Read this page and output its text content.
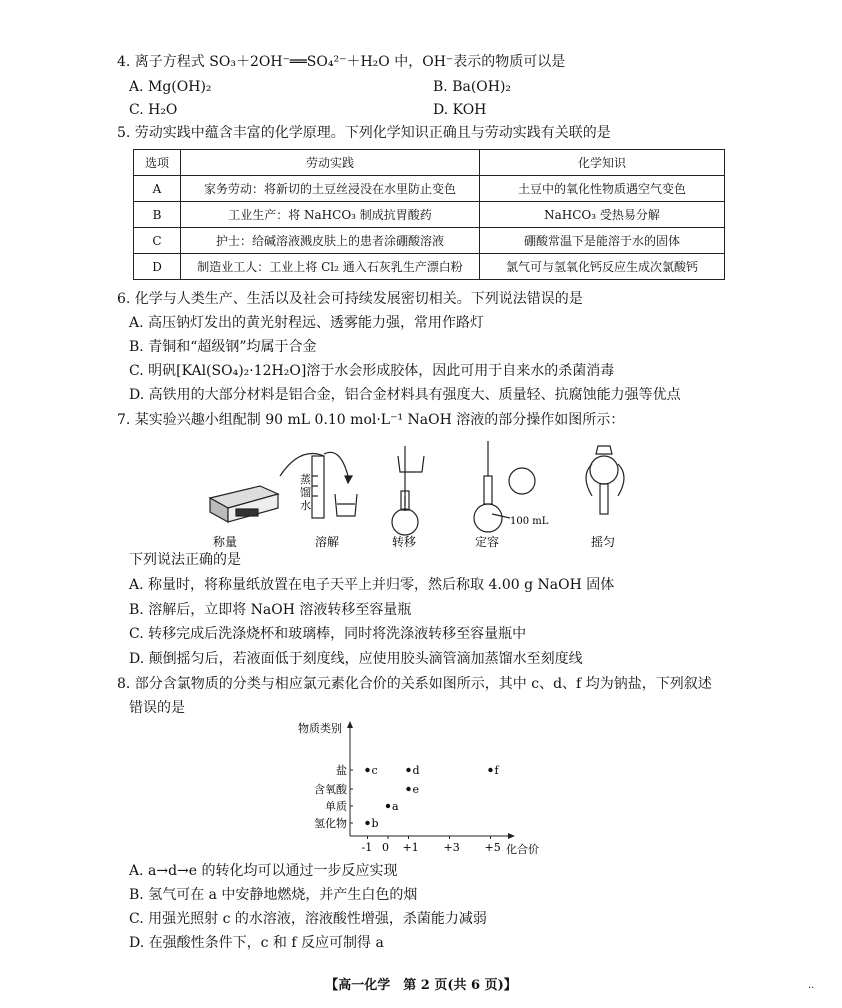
4. 离子方程式 SO₃＋2OH⁻══SO₄²⁻＋H₂O 中，OH⁻表示的物质可以是
A. Mg(OH)₂	B. Ba(OH)₂
C. H₂O	D. KOH
5. 劳动实践中蕴含丰富的化学原理。下列化学知识正确且与劳动实践有关联的是
选项	劳动实践	化学知识
A	家务劳动：将新切的土豆丝浸没在水里防止变色	土豆中的氧化性物质遇空气变色
B	工业生产：将 NaHCO₃ 制成抗胃酸药	NaHCO₃ 受热易分解
C	护士：给碱溶液溅皮肤上的患者涂硼酸溶液	硼酸常温下是能溶于水的固体
D	制造业工人：工业上将 Cl₂ 通入石灰乳生产漂白粉	氯气可与氢氧化钙反应生成次氯酸钙
6. 化学与人类生产、生活以及社会可持续发展密切相关。下列说法错误的是
A. 高压钠灯发出的黄光射程远、透雾能力强，常用作路灯
B. 青铜和“超级钢”均属于合金
C. 明矾[KAl(SO₄)₂·12H₂O]溶于水会形成胶体，因此可用于自来水的杀菌消毒
D. 高铁用的大部分材料是铝合金，铝合金材料具有强度大、质量轻、抗腐蚀能力强等优点
7. 某实验兴趣小组配制 90 mL 0.10 mol·L⁻¹ NaOH 溶液的部分操作如图所示：
蒸
馏
水
100 mL
称量	溶解	转移	定容	摇匀
下列说法正确的是
A. 称量时，将称量纸放置在电子天平上并归零，然后称取 4.00 g NaOH 固体
B. 溶解后，立即将 NaOH 溶液转移至容量瓶
C. 转移完成后洗涤烧杯和玻璃棒，同时将洗涤液转移至容量瓶中
D. 颠倒摇匀后，若液面低于刻度线，应使用胶头滴管滴加蒸馏水至刻度线
8. 部分含氯物质的分类与相应氯元素化合价的关系如图所示，其中 c、d、f 均为钠盐，下列叙述
错误的是
物质类别
化合价
-1 0 +1 +3 +5
氢化物
单质
含氧酸
盐
b
a
e
c	d	f
A. a→d→e 的转化均可以通过一步反应实现
B. 氢气可在 a 中安静地燃烧，并产生白色的烟
C. 用强光照射 c 的水溶液，溶液酸性增强，杀菌能力减弱
D. 在强酸性条件下，c 和 f 反应可制得 a
【高一化学　第 2 页(共 6 页)】	..
